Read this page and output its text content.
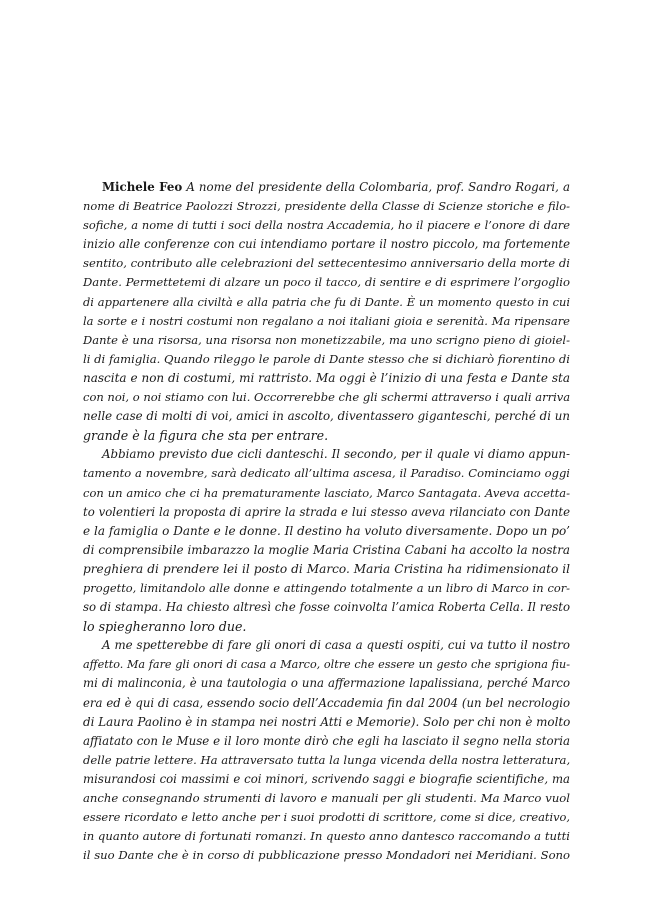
Michele Feo A nome del presidente della Colombaria, prof. Sandro Rogari, a
nome di Beatrice Paolozzi Strozzi, presidente della Classe di Scienze storiche e filo-
sofiche, a nome di tutti i soci della nostra Accademia, ho il piacere e l’onore di dare
inizio alle conferenze con cui intendiamo portare il nostro piccolo, ma fortemente
sentito, contributo alle celebrazioni del settecentesimo anniversario della morte di
Dante. Permettetemi di alzare un poco il tacco, di sentire e di esprimere l’orgoglio
di appartenere alla civiltà e alla patria che fu di Dante. È un momento questo in cui
la sorte e i nostri costumi non regalano a noi italiani gioia e serenità. Ma ripensare
Dante è una risorsa, una risorsa non monetizzabile, ma uno scrigno pieno di gioiel-
li di famiglia. Quando rileggo le parole di Dante stesso che si dichiarò fiorentino di
nascita e non di costumi, mi rattristo. Ma oggi è l’inizio di una festa e Dante sta
con noi, o noi stiamo con lui. Occorrerebbe che gli schermi attraverso i quali arriva
nelle case di molti di voi, amici in ascolto, diventassero giganteschi, perché di un
grande è la figura che sta per entrare.
Abbiamo previsto due cicli danteschi. Il secondo, per il quale vi diamo appun-
tamento a novembre, sarà dedicato all’ultima ascesa, il Paradiso. Cominciamo oggi
con un amico che ci ha prematuramente lasciato, Marco Santagata. Aveva accetta-
to volentieri la proposta di aprire la strada e lui stesso aveva rilanciato con Dante
e la famiglia o Dante e le donne. Il destino ha voluto diversamente. Dopo un po’
di comprensibile imbarazzo la moglie Maria Cristina Cabani ha accolto la nostra
preghiera di prendere lei il posto di Marco. Maria Cristina ha ridimensionato il
progetto, limitandolo alle donne e attingendo totalmente a un libro di Marco in cor-
so di stampa. Ha chiesto altresì che fosse coinvolta l’amica Roberta Cella. Il resto
lo spiegheranno loro due.
A me spetterebbe di fare gli onori di casa a questi ospiti, cui va tutto il nostro
affetto. Ma fare gli onori di casa a Marco, oltre che essere un gesto che sprigiona fiu-
mi di malinconia, è una tautologia o una affermazione lapalissiana, perché Marco
era ed è qui di casa, essendo socio dell’Accademia fin dal 2004 (un bel necrologio
di Laura Paolino è in stampa nei nostri Atti e Memorie). Solo per chi non è molto
affiatato con le Muse e il loro monte dirò che egli ha lasciato il segno nella storia
delle patrie lettere. Ha attraversato tutta la lunga vicenda della nostra letteratura,
misurandosi coi massimi e coi minori, scrivendo saggi e biografie scientifiche, ma
anche consegnando strumenti di lavoro e manuali per gli studenti. Ma Marco vuol
essere ricordato e letto anche per i suoi prodotti di scrittore, come si dice, creativo,
in quanto autore di fortunati romanzi. In questo anno dantesco raccomando a tutti
il suo Dante che è in corso di pubblicazione presso Mondadori nei Meridiani. Sono
